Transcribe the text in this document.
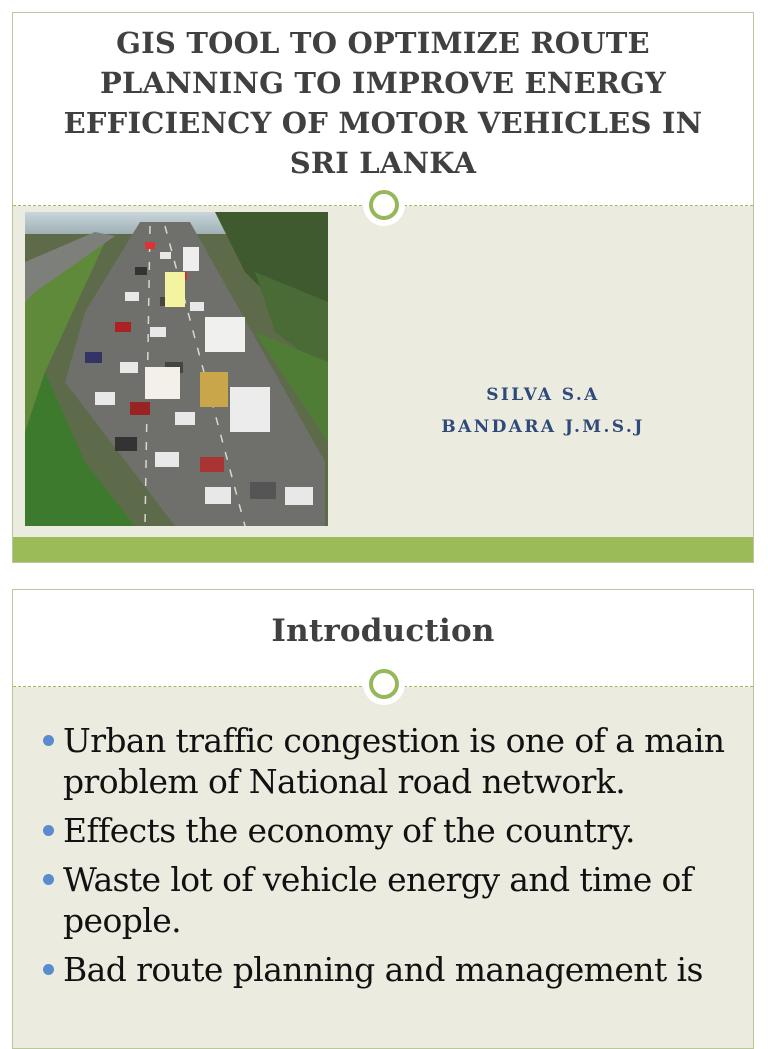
GIS TOOL TO OPTIMIZE ROUTE PLANNING TO IMPROVE ENERGY EFFICIENCY OF MOTOR VEHICLES IN SRI LANKA
SILVA S.A
BANDARA J.M.S.J
Introduction
Urban traffic congestion is one of a main problem of National road network.
Effects the economy of the country.
Waste lot of vehicle energy and time of people.
Bad route planning and management is
